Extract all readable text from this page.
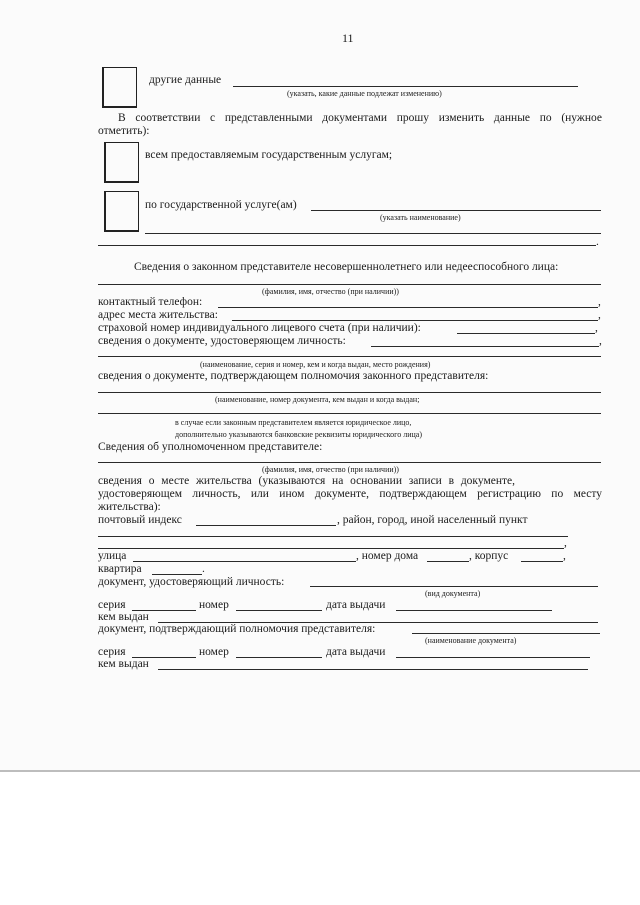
11
другие данные
(указать, какие данные подлежат изменению)
В соответствии с представленными документами прошу изменить данные по (нужное
отметить):
всем предоставляемым государственным услугам;
по государственной услуге(ам)
(указать наименование)
.
Сведения о законном представителе несовершеннолетнего или недееспособного лица:
(фамилия, имя, отчество (при наличии))
контактный телефон:	,
адрес места жительства:	,
страховой номер индивидуального лицевого счета (при наличии):	,
сведения о документе, удостоверяющем личность:	,
(наименование, серия и номер, кем и когда выдан, место рождения)
сведения о документе, подтверждающем полномочия законного представителя:
(наименование, номер документа, кем выдан и когда выдан;
в случае если законным представителем является юридическое лицо,
дополнительно указываются банковские реквизиты юридического лица)
Сведения об уполномоченном представителе:
(фамилия, имя, отчество (при наличии))
сведения о месте жительства (указываются на основании записи в документе,
удостоверяющем личность, или ином документе, подтверждающем регистрацию по месту
жительства):
почтовый индекс	, район, город, иной населенный пункт
,
улица	, номер дома	, корпус	,
квартира	.
документ, удостоверяющий личность:
(вид документа)
серия	номер	дата выдачи
кем выдан
документ, подтверждающий полномочия представителя:
(наименование документа)
серия	номер	дата выдачи
кем выдан
